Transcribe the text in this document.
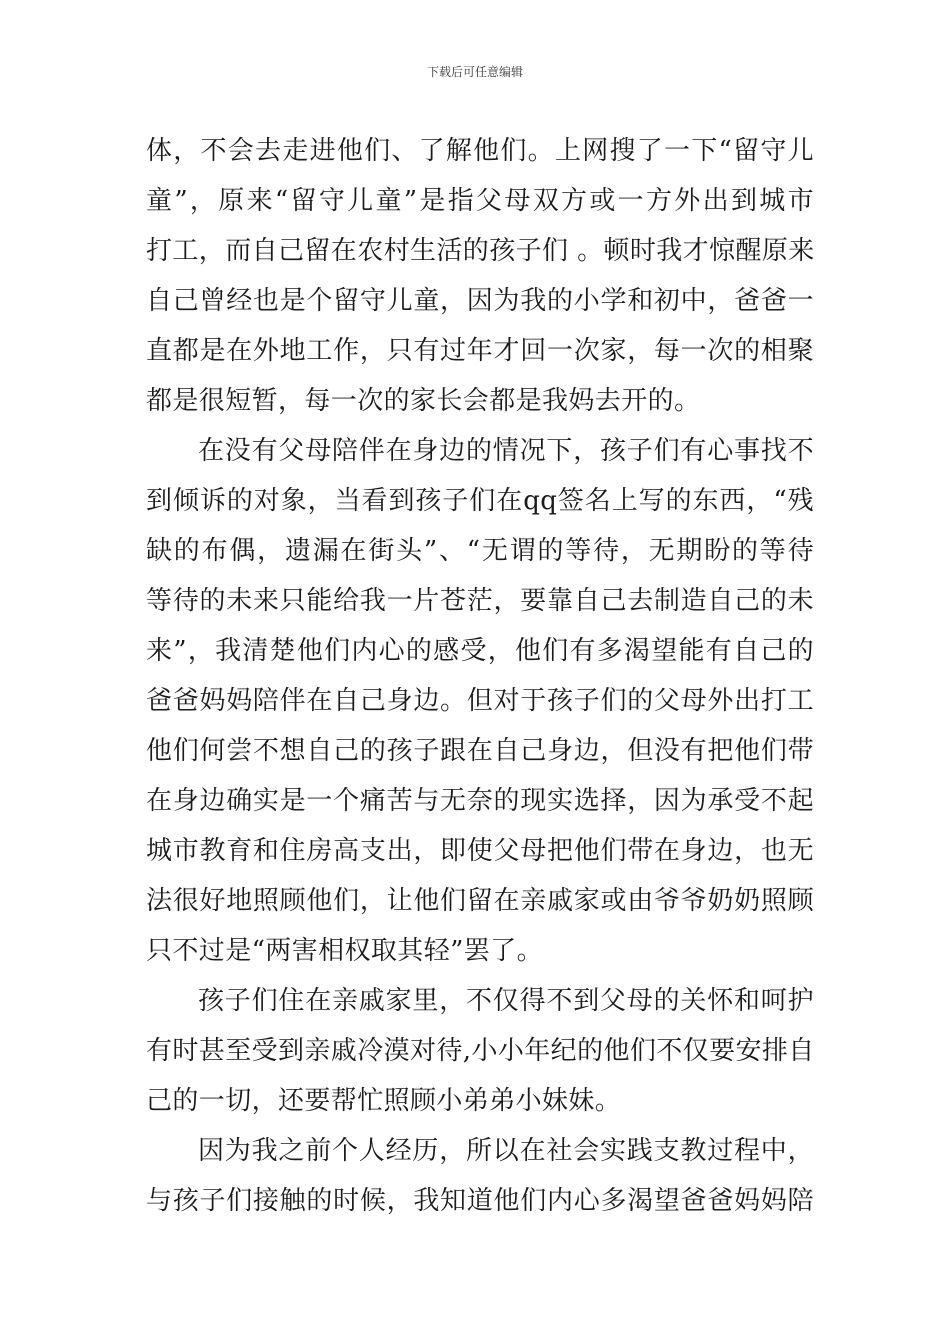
下载后可任意编辑
体，不会去走进他们、了解他们。上网搜了一下“留守儿
童”，原来“留守儿童”是指父母双方或一方外出到城市
打工，而自己留在农村生活的孩子们 。顿时我才惊醒原来
自己曾经也是个留守儿童，因为我的小学和初中，爸爸一
直都是在外地工作，只有过年才回一次家，每一次的相聚
都是很短暂，每一次的家长会都是我妈去开的。
在没有父母陪伴在身边的情况下，孩子们有心事找不
到倾诉的对象，当看到孩子们在qq签名上写的东西，“残
缺的布偶，遗漏在街头”、“无谓的等待，无期盼的等待
等待的未来只能给我一片苍茫，要靠自己去制造自己的未
来”，我清楚他们内心的感受，他们有多渴望能有自己的
爸爸妈妈陪伴在自己身边。但对于孩子们的父母外出打工
他们何尝不想自己的孩子跟在自己身边，但没有把他们带
在身边确实是一个痛苦与无奈的现实选择，因为承受不起
城市教育和住房高支出，即使父母把他们带在身边，也无
法很好地照顾他们，让他们留在亲戚家或由爷爷奶奶照顾
只不过是“两害相权取其轻”罢了。
孩子们住在亲戚家里，不仅得不到父母的关怀和呵护
有时甚至受到亲戚冷漠对待,小小年纪的他们不仅要安排自
己的一切，还要帮忙照顾小弟弟小妹妹。
因为我之前个人经历，所以在社会实践支教过程中，
与孩子们接触的时候，我知道他们内心多渴望爸爸妈妈陪
